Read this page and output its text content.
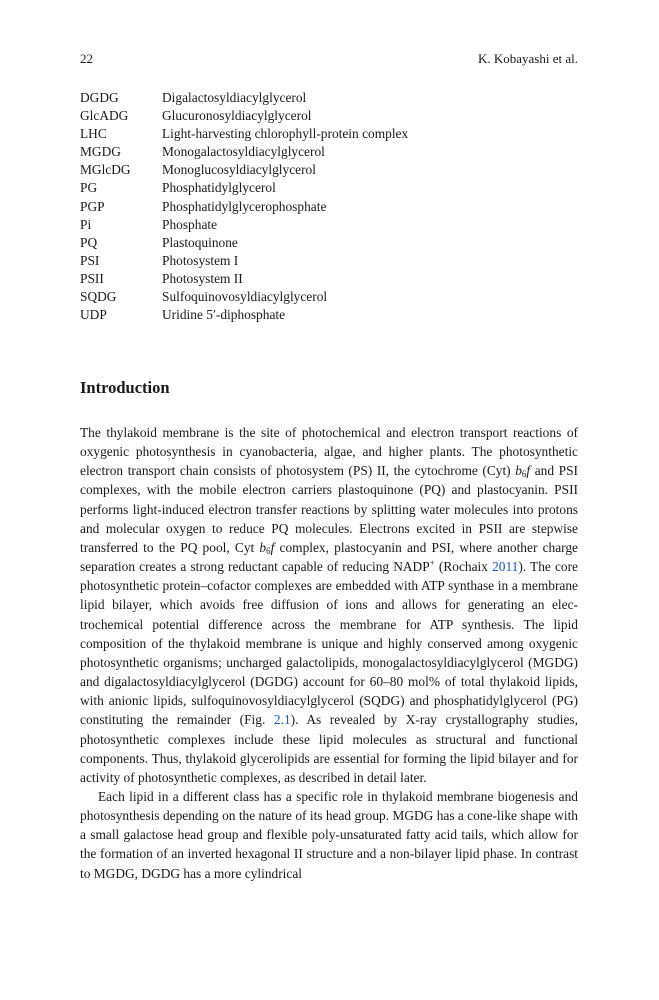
22	K. Kobayashi et al.
DGDG	Digalactosyldiacylglycerol
GlcADG	Glucuronosyldiacylglycerol
LHC	Light-harvesting chlorophyll-protein complex
MGDG	Monogalactosyldiacylglycerol
MGlcDG	Monoglucosyldiacylglycerol
PG	Phosphatidylglycerol
PGP	Phosphatidylglycerophosphate
Pi	Phosphate
PQ	Plastoquinone
PSI	Photosystem I
PSII	Photosystem II
SQDG	Sulfoquinovosyldiacylglycerol
UDP	Uridine 5′-diphosphate
Introduction

The thylakoid membrane is the site of photochemical and electron transport reactions of oxygenic photosynthesis in cyanobacteria, algae, and higher plants. The photosynthetic electron transport chain consists of photosystem (PS) II, the cytochrome (Cyt) $b_6f$ and PSI complexes, with the mobile electron carriers plastoquinone (PQ) and plastocyanin. PSII performs light-induced electron transfer reactions by splitting water molecules into protons and molecular oxygen to reduce PQ molecules. Electrons excited in PSII are stepwise transferred to the PQ pool, Cyt $b_6f$ complex, plastocyanin and PSI, where another charge separation creates a strong reductant capable of reducing NADP+ (Rochaix 2011). The core photosynthetic protein–cofactor complexes are embedded with ATP synthase in a membrane lipid bilayer, which avoids free diffusion of ions and allows for generating an electrochemical potential difference across the membrane for ATP synthesis. The lipid composition of the thylakoid membrane is unique and highly conserved among oxygenic photosynthetic organisms; uncharged galactolipids, monogalactosyldiacylglycerol (MGDG) and digalactosyldiacylglycerol (DGDG) account for 60–80 mol% of total thylakoid lipids, with anionic lipids, sulfoquinovosyldiacylglycerol (SQDG) and phosphatidylglycerol (PG) constituting the remainder (Fig. 2.1). As revealed by X-ray crystallography studies, photosynthetic complexes include these lipid molecules as structural and functional components. Thus, thylakoid glycerolipids are essential for forming the lipid bilayer and for activity of photosynthetic complexes, as described in detail later.

Each lipid in a different class has a specific role in thylakoid membrane biogenesis and photosynthesis depending on the nature of its head group. MGDG has a cone-like shape with a small galactose head group and flexible poly-unsaturated fatty acid tails, which allow for the formation of an inverted hexagonal II structure and a non-bilayer lipid phase. In contrast to MGDG, DGDG has a more cylindrical
